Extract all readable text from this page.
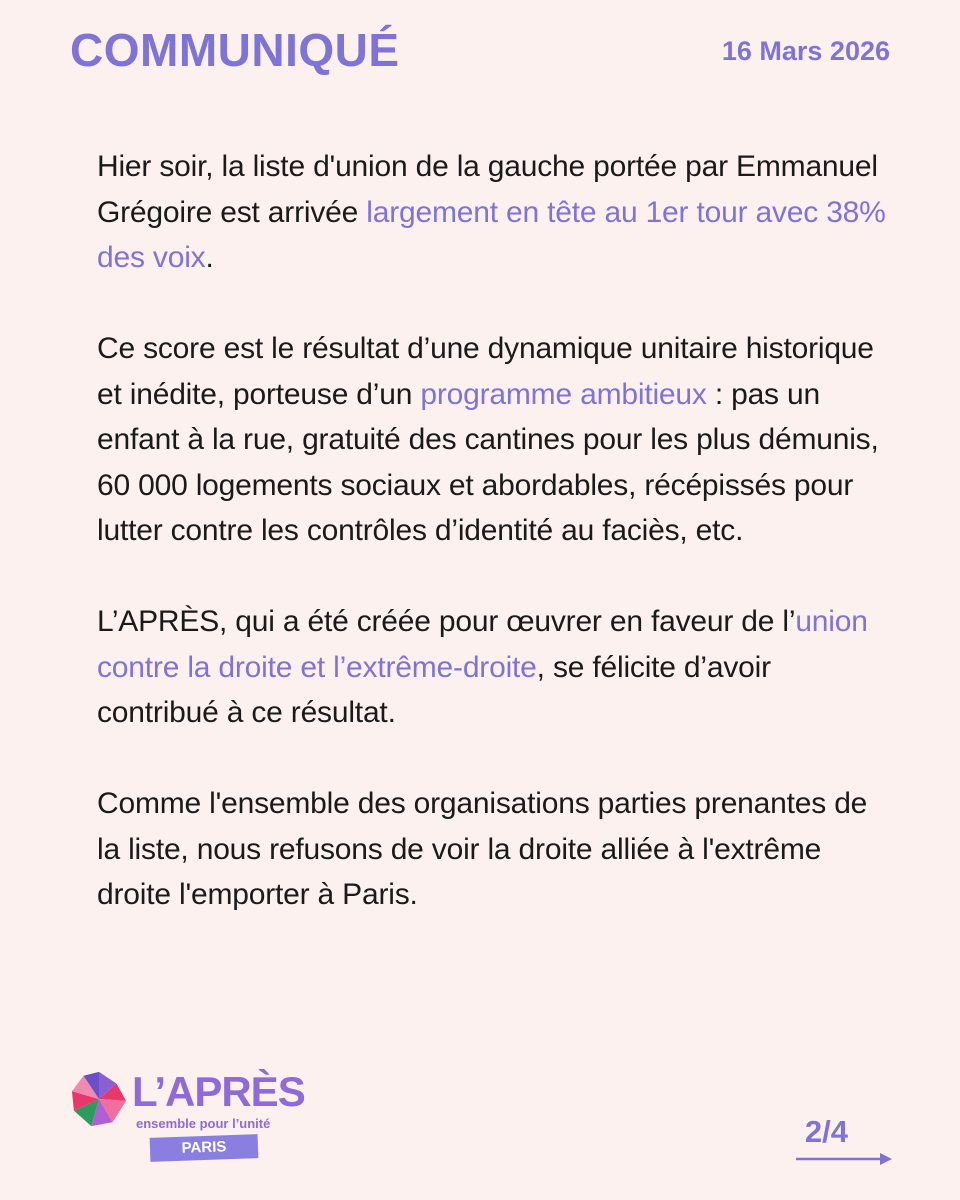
COMMUNIQUÉ	16 Mars 2026

Hier soir, la liste d'union de la gauche portée par Emmanuel Grégoire est arrivée largement en tête au 1er tour avec 38% des voix.

Ce score est le résultat d’une dynamique unitaire historique et inédite, porteuse d’un programme ambitieux : pas un enfant à la rue, gratuité des cantines pour les plus démunis, 60 000 logements sociaux et abordables, récépissés pour lutter contre les contrôles d’identité au faciès, etc.

L’APRÈS, qui a été créée pour œuvrer en faveur de l’union contre la droite et l’extrême-droite, se félicite d’avoir contribué à ce résultat.

Comme l'ensemble des organisations parties prenantes de la liste, nous refusons de voir la droite alliée à l'extrême droite l'emporter à Paris.

L’APRÈS
ensemble pour l’unité
PARIS	2/4
